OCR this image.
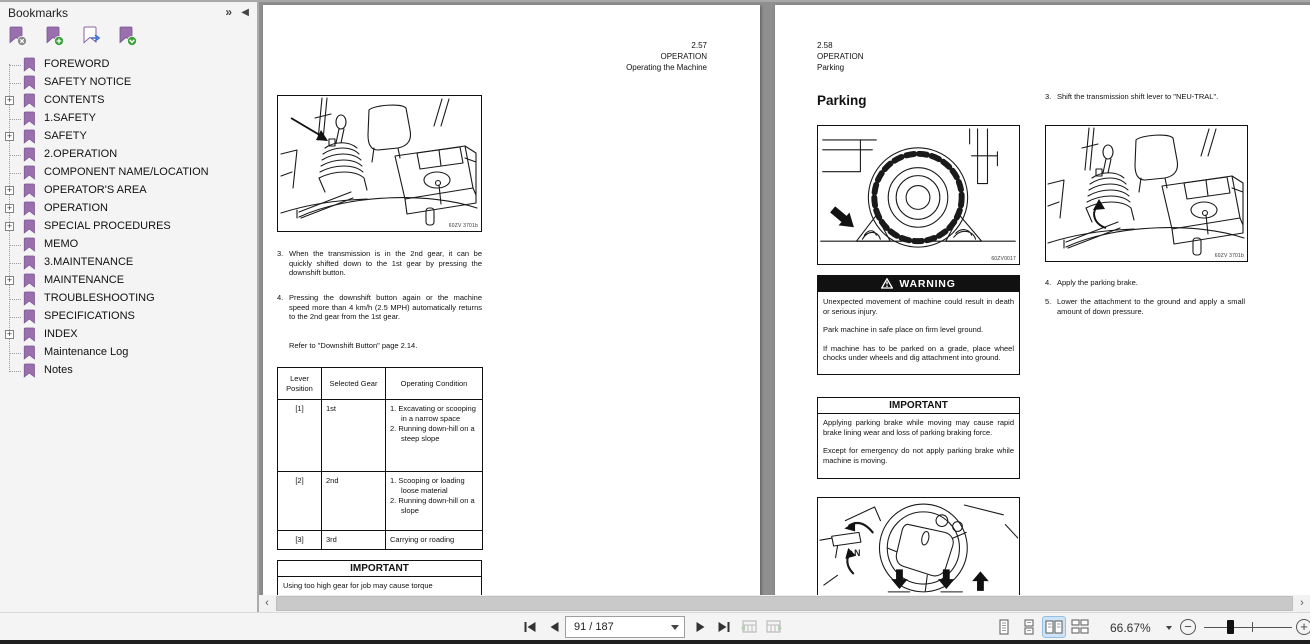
Bookmarks	» ◀
FOREWORD
SAFETY NOTICE
+	CONTENTS
1.SAFETY
+	SAFETY
2.OPERATION
COMPONENT NAME/LOCATION
+	OPERATOR'S AREA
+	OPERATION
+	SPECIAL PROCEDURES
MEMO
3.MAINTENANCE
+	MAINTENANCE
TROUBLESHOOTING
SPECIFICATIONS
+	INDEX
Maintenance Log
Notes
2.57
OPERATION
Operating the Machine
60ZV 3701b
3. When the transmission is in the 2nd gear, it can be quickly shifted down to the 1st gear by pressing the downshift button.
4. Pressing the downshift button again or the machine speed more than 4 km/h (2.5 MPH) automatically returns to the 2nd gear from the 1st gear.
Refer to "Downshift Button" page 2.14.
Lever Position	Selected Gear	Operating Condition
[1]	1st	1. Excavating or scooping in a narrow space
2. Running down-hill on a steep slope

[2]	2nd	1. Scooping or loading loose material
2. Running down-hill on a slope

[3]	3rd	Carrying or roading
IMPORTANT
Using too high gear for job may cause torque
2.58
OPERATION
Parking
Parking
60ZV0017
WARNING

Unexpected movement of machine could result in death or serious injury.

Park machine in safe place on firm level ground.

If machine has to be parked on a grade, place wheel chocks under wheels and dig attachment into ground.

IMPORTANT

Applying parking brake while moving may cause rapid brake lining wear and loss of parking braking force.

Except for emergency do not apply parking brake while machine is moving.

N
3. Shift the transmission shift lever to "NEU-TRAL".
60ZV 3701b
4. Apply the parking brake.
5. Lower the attachment to the ground and apply a small amount of down pressure.
‹	›
91 / 187	66.67%	−	+
